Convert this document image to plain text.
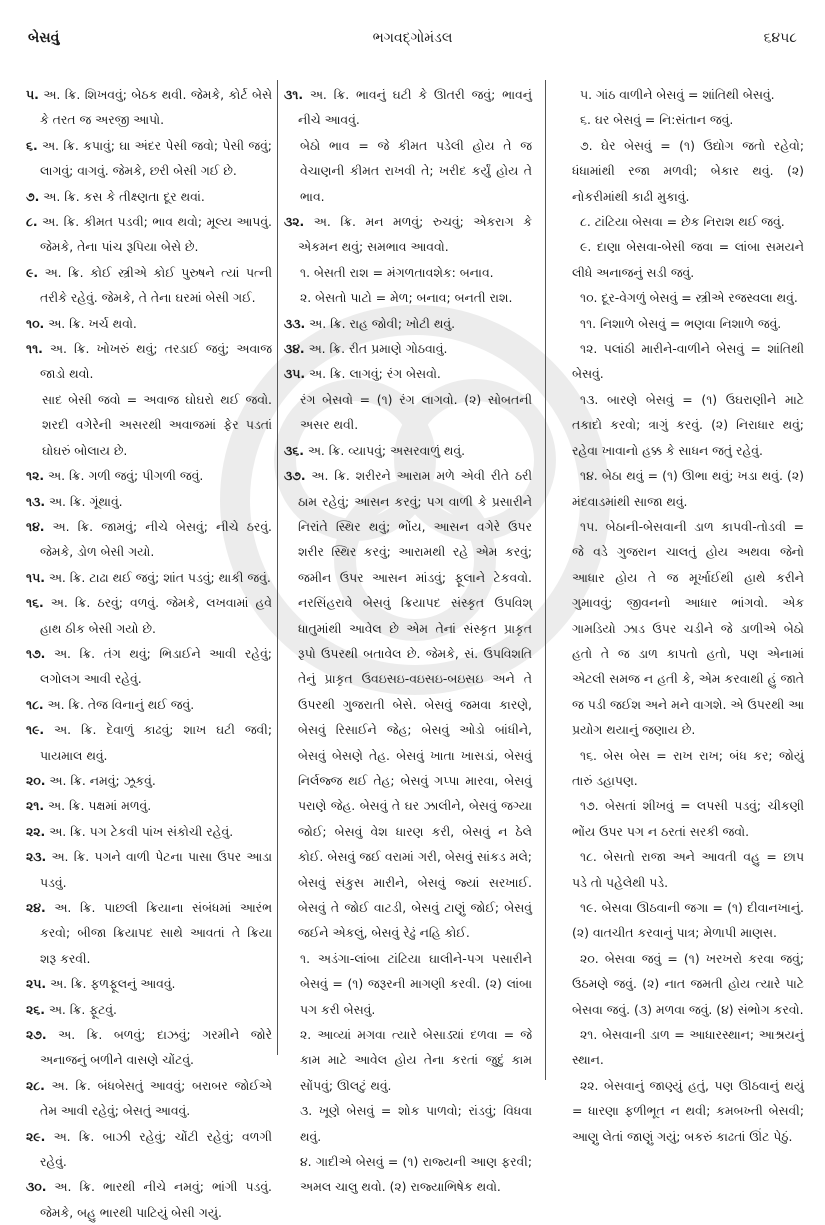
બેસવું	ભગવદ્ગોમંડલ	૬૪૫૮

૫. અ. ક્રિ. શિખવવું; બેઠક થવી. જેમકે, કોર્ટ બેસે કે તરત જ અરજી આપો.

૬. અ. ક્રિ. કપાવું; ઘા અંદર પેસી જવો; પેસી જવું; લાગવું; વાગવું. જેમકે, છરી બેસી ગઈ છે.

૭. અ. ક્રિ. કસ કે તીક્ષ્ણતા દૂર થવાં.

૮. અ. ક્રિ. કીમત પડવી; ભાવ થવો; મૂલ્ય આપવું. જેમકે, તેના પાંચ રૂપિયા બેસે છે.

૯. અ. ક્રિ. કોઈ સ્ત્રીએ કોઈ પુરુષને ત્યાં પત્ની તરીકે રહેવું. જેમકે, તે તેના ઘરમાં બેસી ગઈ.

૧૦. અ. ક્રિ. ખર્ચ થવો.

૧૧. અ. ક્રિ. ખોખરું થવું; તરડાઈ જવું; અવાજ જાડો થવો.

સાદ બેસી જવો = અવાજ ઘોઘરો થઈ જવો. શરદી વગેરેની અસરથી અવાજમાં ફેર પડતાં ઘોઘરું બોલાય છે.

૧૨. અ. ક્રિ. ગળી જવું; પીગળી જવું.

૧૩. અ. ક્રિ. ગૂંથાવું.

૧૪. અ. ક્રિ. જામવું; નીચે બેસવું; નીચે ઠરવું. જેમકે, ડોળ બેસી ગયો.

૧૫. અ. ક્રિ. ટાઢા થઈ જવું; શાંત પડવું; થાકી જવું.

૧૬. અ. ક્રિ. ઠરવું; વળવું. જેમકે, લખવામાં હવે હાથ ઠીક બેસી ગયો છે.

૧૭. અ. ક્રિ. તંગ થવું; ભિડાઈને આવી રહેવું; લગોલગ આવી રહેવું.

૧૮. અ. ક્રિ. તેજ વિનાનું થઈ જવું.

૧૯. અ. ક્રિ. દેવાળું કાઢવું; શાખ ઘટી જવી; પાયમાલ થવું.

૨૦. અ. ક્રિ. નમવું; ઝૂકવું.

૨૧. અ. ક્રિ. પક્ષમાં મળવું.

૨૨. અ. ક્રિ. પગ ટેકવી પાંખ સંકોચી રહેવું.

૨૩. અ. ક્રિ. પગને વાળી પેટના પાસા ઉપર આડા પડવું.

૨૪. અ. ક્રિ. પાછલી ક્રિયાના સંબંધમાં આરંભ કરવો; બીજા ક્રિયાપદ સાથે આવતાં તે ક્રિયા શરૂ કરવી.

૨૫. અ. ક્રિ. ફળફૂલનું આવવું.

૨૬. અ. ક્રિ. ફૂટવું.

૨૭. અ. ક્રિ. બળવું; દાઝવું; ગરમીને જોરે અનાજનું બળીને વાસણે ચોંટવું.

૨૮. અ. ક્રિ. બંધબેસતું આવવું; બરાબર જોઈએ તેમ આવી રહેવું; બેસતું આવવું.

૨૯. અ. ક્રિ. બાઝી રહેવું; ચોંટી રહેવું; વળગી રહેવું.

૩૦. અ. ક્રિ. ભારથી નીચે નમવું; ભાંગી પડવું. જેમકે, બહુ ભારથી પાટિયું બેસી ગયું.

૩૧. અ. ક્રિ. ભાવનું ઘટી કે ઊતરી જવું; ભાવનું નીચે આવવું.

બેઠો ભાવ = જે કીમત પડેલી હોય તે જ વેચાણની કીમત રાખવી તે; ખરીદ કર્યું હોય તે ભાવ.

૩૨. અ. ક્રિ. મન મળવું; રુચવું; એકરાગ કે એકમન થવું; સમભાવ આવવો.

૧. બેસતી રાશ = મંગળતાવશેક: બનાવ.

૨. બેસતો પાટો = મેળ; બનાવ; બનતી રાશ.

૩૩. અ. ક્રિ. રાહ જોવી; ખોટી થવું.

૩૪. અ. ક્રિ. રીત પ્રમાણે ગોઠવાવું.

૩૫. અ. ક્રિ. લાગવું; રંગ બેસવો.

રંગ બેસવો = (૧) રંગ લાગવો. (૨) સોબતની અસર થવી.

૩૬. અ. ક્રિ. વ્યાપવું; અસરવાળું થવું.

૩૭. અ. ક્રિ. શરીરને આરામ મળે એવી રીતે ઠરી ઠામ રહેવું; આસન કરવું; પગ વાળી કે પ્રસારીને નિરાંતે સ્થિર થવું; ભોંય, આસન વગેરે ઉપર શરીર સ્થિર કરવું; આરામથી રહે એમ કરવું; જમીન ઉપર આસન માંડવું; ફૂલાને ટેકવવો. નરસિંહરાવે બેસવું ક્રિયાપદ સંસ્કૃત ઉપવિશ્ ધાતુમાંથી આવેલ છે એમ તેનાં સંસ્કૃત પ્રાકૃત રૂપો ઉપરથી બતાવેલ છે. જેમકે, સં. ઉપવિશતિ તેનું પ્રાકૃત ઉવઇસઇ-વઇસઇ-બઇસઇ અને તે ઉપરથી ગુજરાતી બેસે. બેસવું જમવા કારણે, બેસવું રિસાઈને જેહ; બેસવું ઓડો બાંધીને, બેસવું બેસણે તેહ. બેસવું ખાતા ખાસડાં, બેસવું નિર્લજ્જ થઈ તેહ; બેસવું ગપ્પા મારવા, બેસવું પરાણે જેહ. બેસવું તે ઘર ઝાલીને, બેસવું જગ્યા જોઈ; બેસવું વેશ ધારણ કરી, બેસવું ન ઠેલે કોઈ. બેસવું જઈ વરામાં ગરી, બેસવું સાંકડ મલે; બેસવું સંકુસ મારીને, બેસવું જ્યાં સરખાઈ. બેસવું તે જોઈ વાટડી, બેસવું ટાણું જોઈ; બેસવું જઈને એકલું, બેસવું રેઢું નહિ કોઈ.

૧. અડંગા-લાંબા ટાંટિયા ઘાલીને-પગ પસારીને બેસવું = (૧) જરૂરની માગણી કરવી. (૨) લાંબા પગ કરી બેસવું.

૨. આવ્યાં મગવા ત્યારે બેસાડ્યાં દળવા = જે કામ માટે આવેલ હોય તેના કરતાં જુદું કામ સોંપવું; ઊલટું થવું.

૩. ખૂણે બેસવું = શોક પાળવો; રાંડવું; વિધવા થવું.

૪. ગાદીએ બેસવું = (૧) રાજ્યની આણ ફરવી; અમલ ચાલુ થવો. (૨) રાજ્યાભિષેક થવો.

૫. ગાંઠ વાળીને બેસવું = શાંતિથી બેસવું.

૬. ઘર બેસવું = નિ:સંતાન જવું.

૭. ઘેર બેસવું = (૧) ઉદ્યોગ જતો રહેવો; ધંધામાંથી રજા મળવી; બેકાર થવું. (૨) નોકરીમાંથી કાઢી મુકાવું.

૮. ટાંટિયા બેસવા = છેક નિરાશ થઈ જવું.

૯. દાણા બેસવા-બેસી જવા = લાંબા સમયને લીધે અનાજનું સડી જવું.

૧૦. દૂર-વેગળું બેસવું = સ્ત્રીએ રજસ્વલા થવું.

૧૧. નિશાળે બેસવું = ભણવા નિશાળે જવું.

૧૨. પલાંઠી મારીને-વાળીને બેસવું = શાંતિથી બેસવું.

૧૩. બારણે બેસવું = (૧) ઉઘરાણીને માટે તકાદો કરવો; ત્રાગું કરવું. (૨) નિરાધાર થવું; રહેવા ખાવાનો હક્ક કે સાધન જતું રહેવું.

૧૪. બેઠા થવું = (૧) ઊભા થવું; ખડા થવું. (૨) મંદવાડમાંથી સાજા થવું.

૧૫. બેઠાની-બેસવાની ડાળ કાપવી-તોડવી = જે વડે ગુજરાન ચાલતું હોય અથવા જેનો આધાર હોય તે જ મૂર્ખાઈથી હાથે કરીને ગુમાવવું; જીવનનો આધાર ભાંગવો. એક ગામડિયો ઝાડ ઉપર ચડીને જે ડાળીએ બેઠો હતો તે જ ડાળ કાપતો હતો, પણ એનામાં એટલી સમજ ન હતી કે, એમ કરવાથી હું જાતે જ પડી જઈશ અને મને વાગશે. એ ઉપરથી આ પ્રયોગ થયાનું જણાય છે.

૧૬. બેસ બેસ = રાખ રાખ; બંધ કર; જોયું તારું ડહાપણ.

૧૭. બેસતાં શીખવું = લપસી પડવું; ચીકણી ભોંય ઉપર પગ ન ઠરતાં સરકી જવો.

૧૮. બેસતો રાજા અને આવતી વહુ = છાપ પડે તો પહેલેથી પડે.

૧૯. બેસવા ઊઠવાની જગા = (૧) દીવાનખાનું. (૨) વાતચીત કરવાનું પાત્ર; મેળાપી માણસ.

૨૦. બેસવા જવું = (૧) ખરખરો કરવા જવું; ઉઠમણે જવું. (૨) નાત જમતી હોય ત્યારે પાટે બેસવા જવું. (૩) મળવા જવું. (૪) સંભોગ કરવો.

૨૧. બેસવાની ડાળ = આધારસ્થાન; આશ્રયનું સ્થાન.

૨૨. બેસવાનું જાણ્યું હતું, પણ ઊઠવાનું થયું = ધારણા ફળીભૂત ન થવી; કમબખ્તી બેસવી; આણુ લેતાં જાણું ગયું; બકરું કાઢતાં ઊંટ પેઠું.
